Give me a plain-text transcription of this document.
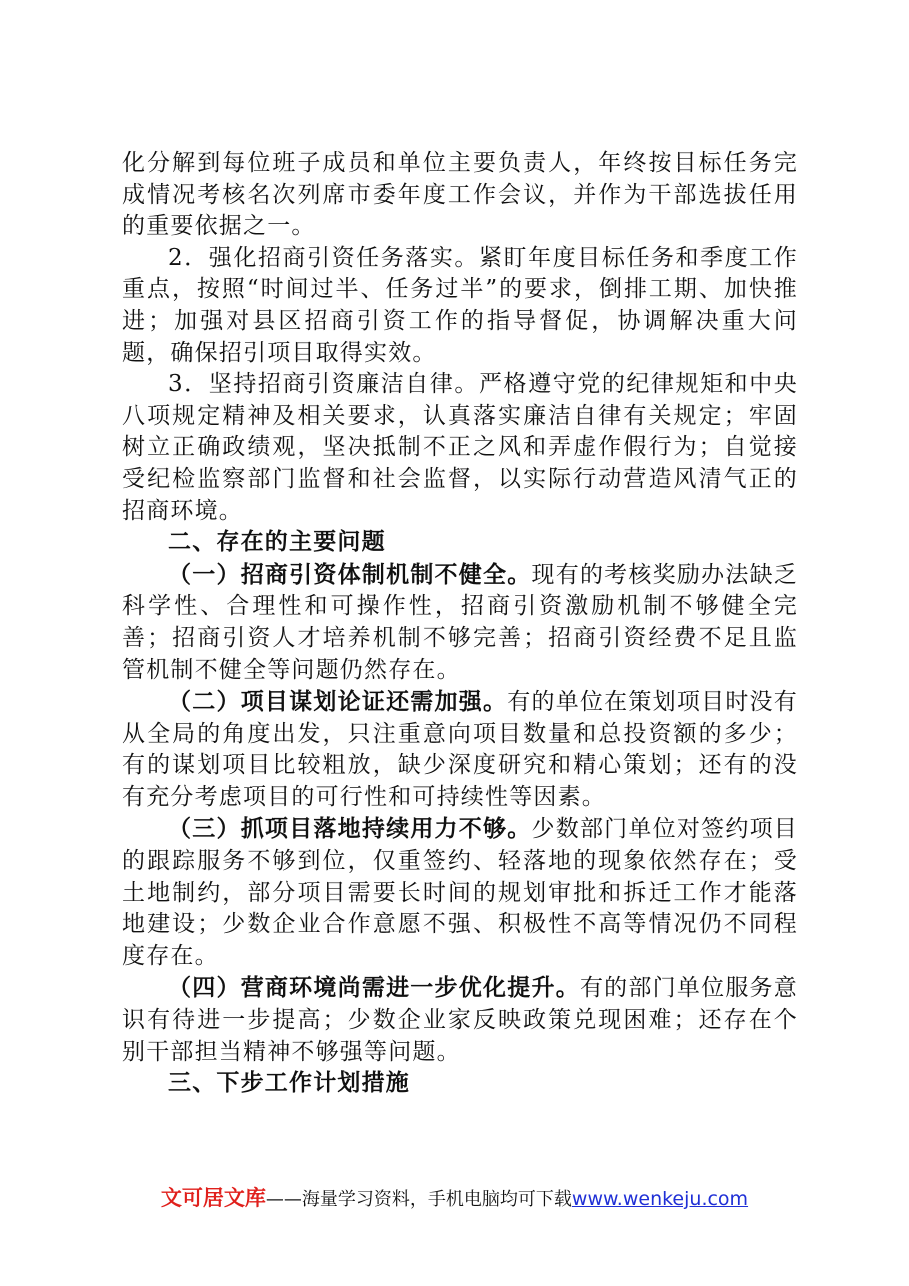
化分解到每位班子成员和单位主要负责人，年终按目标任务完成情况考核名次列席市委年度工作会议，并作为干部选拔任用的重要依据之一。

2．强化招商引资任务落实。紧盯年度目标任务和季度工作重点，按照“时间过半、任务过半”的要求，倒排工期、加快推进；加强对县区招商引资工作的指导督促，协调解决重大问题，确保招引项目取得实效。

3．坚持招商引资廉洁自律。严格遵守党的纪律规矩和中央八项规定精神及相关要求，认真落实廉洁自律有关规定；牢固树立正确政绩观，坚决抵制不正之风和弄虚作假行为；自觉接受纪检监察部门监督和社会监督，以实际行动营造风清气正的招商环境。

二、存在的主要问题

（一）招商引资体制机制不健全。现有的考核奖励办法缺乏科学性、合理性和可操作性，招商引资激励机制不够健全完善；招商引资人才培养机制不够完善；招商引资经费不足且监管机制不健全等问题仍然存在。

（二）项目谋划论证还需加强。有的单位在策划项目时没有从全局的角度出发，只注重意向项目数量和总投资额的多少；有的谋划项目比较粗放，缺少深度研究和精心策划；还有的没有充分考虑项目的可行性和可持续性等因素。

（三）抓项目落地持续用力不够。少数部门单位对签约项目的跟踪服务不够到位，仅重签约、轻落地的现象依然存在；受土地制约，部分项目需要长时间的规划审批和拆迁工作才能落地建设；少数企业合作意愿不强、积极性不高等情况仍不同程度存在。

（四）营商环境尚需进一步优化提升。有的部门单位服务意识有待进一步提高；少数企业家反映政策兑现困难；还存在个别干部担当精神不够强等问题。

三、下步工作计划措施
文可居文库——海量学习资料，手机电脑均可下载www.wenkeju.com
